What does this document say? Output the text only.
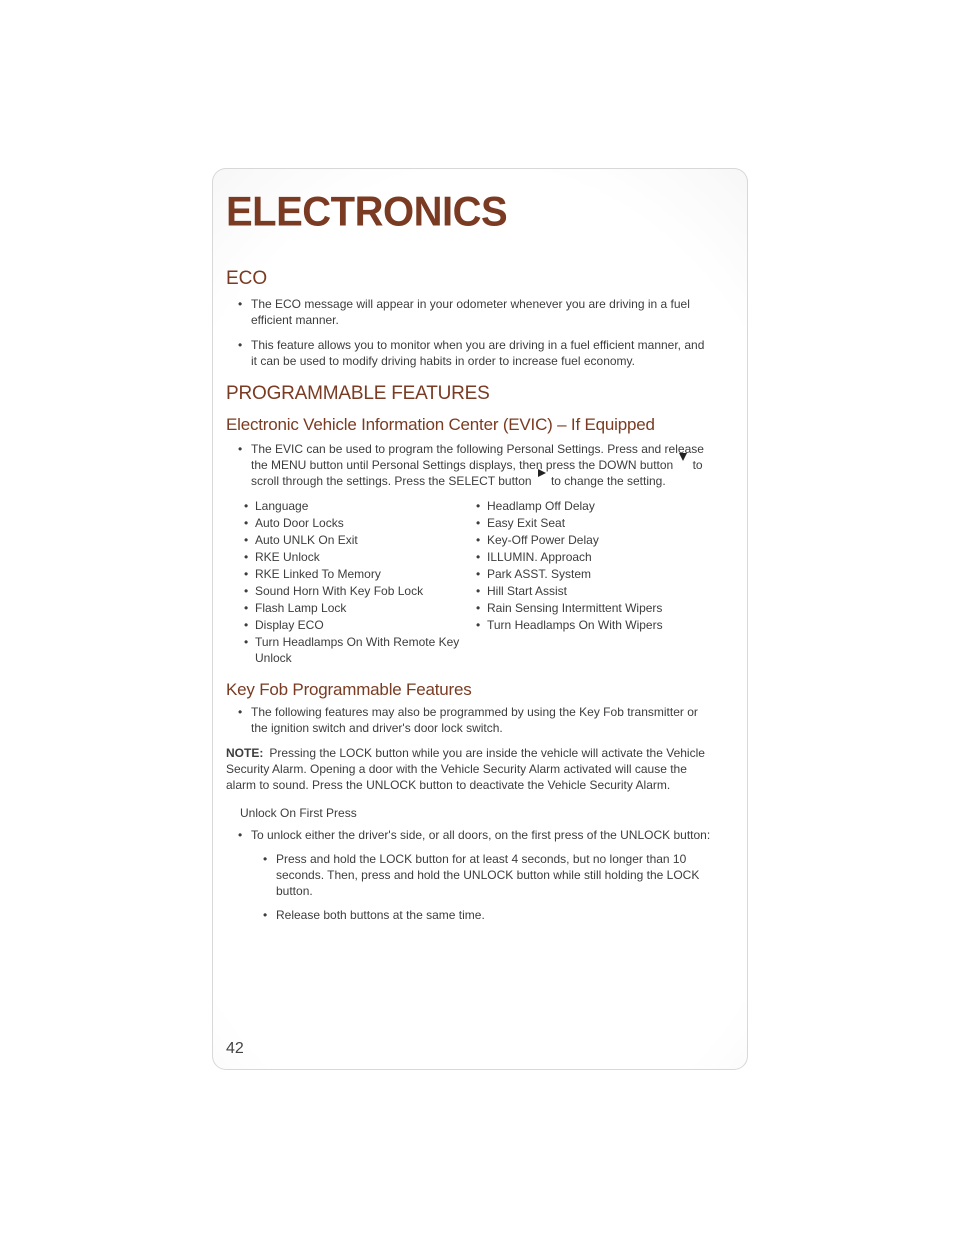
ELECTRONICS
ECO
• The ECO message will appear in your odometer whenever you are driving in a fuel efficient manner.
• This feature allows you to monitor when you are driving in a fuel efficient manner, and it can be used to modify driving habits in order to increase fuel economy.
PROGRAMMABLE FEATURES
Electronic Vehicle Information Center (EVIC) – If Equipped
• The EVIC can be used to program the following Personal Settings. Press and release the MENU button until Personal Settings displays, then press the DOWN button to scroll through the settings. Press the SELECT button to change the setting.
• Language	• Headlamp Off Delay
• Auto Door Locks	• Easy Exit Seat
• Auto UNLK On Exit	• Key-Off Power Delay
• RKE Unlock	• ILLUMIN. Approach
• RKE Linked To Memory	• Park ASST. System
• Sound Horn With Key Fob Lock	• Hill Start Assist
• Flash Lamp Lock	• Rain Sensing Intermittent Wipers
• Display ECO	• Turn Headlamps On With Wipers
• Turn Headlamps On With Remote Key Unlock
Key Fob Programmable Features
• The following features may also be programmed by using the Key Fob transmitter or the ignition switch and driver's door lock switch.

NOTE: Pressing the LOCK button while you are inside the vehicle will activate the Vehicle Security Alarm. Opening a door with the Vehicle Security Alarm activated will cause the alarm to sound. Press the UNLOCK button to deactivate the Vehicle Security Alarm.

Unlock On First Press
• To unlock either the driver's side, or all doors, on the first press of the UNLOCK button:
• Press and hold the LOCK button for at least 4 seconds, but no longer than 10 seconds. Then, press and hold the UNLOCK button while still holding the LOCK button.
• Release both buttons at the same time.
42
